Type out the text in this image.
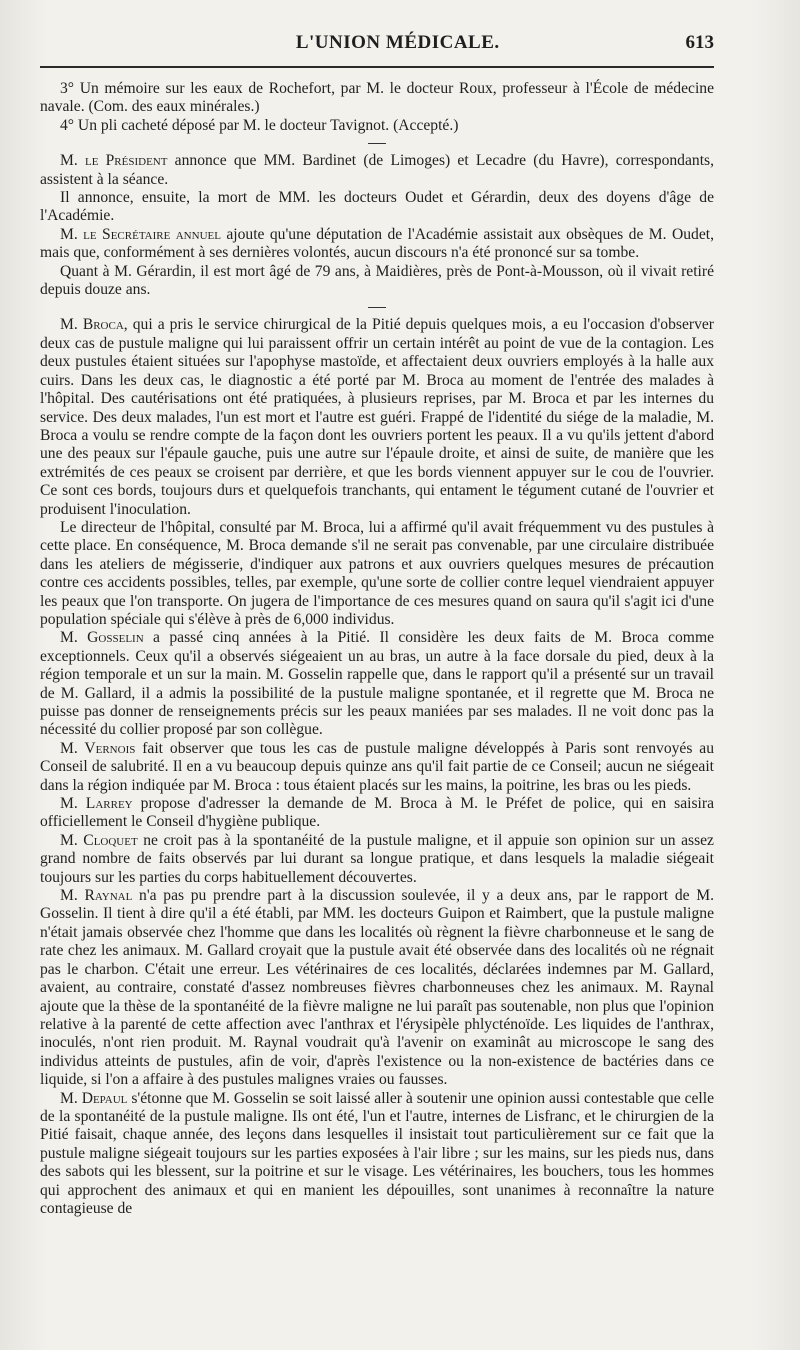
L'UNION MÉDICALE.	613

3° Un mémoire sur les eaux de Rochefort, par M. le docteur Roux, professeur à l'École de médecine navale. (Com. des eaux minérales.)

4° Un pli cacheté déposé par M. le docteur Tavignot. (Accepté.)

M. le Président annonce que MM. Bardinet (de Limoges) et Lecadre (du Havre), correspondants, assistent à la séance.

Il annonce, ensuite, la mort de MM. les docteurs Oudet et Gérardin, deux des doyens d'âge de l'Académie.

M. le Secrétaire annuel ajoute qu'une députation de l'Académie assistait aux obsèques de M. Oudet, mais que, conformément à ses dernières volontés, aucun discours n'a été prononcé sur sa tombe.

Quant à M. Gérardin, il est mort âgé de 79 ans, à Maidières, près de Pont-à-Mousson, où il vivait retiré depuis douze ans.

M. Broca, qui a pris le service chirurgical de la Pitié depuis quelques mois, a eu l'occasion d'observer deux cas de pustule maligne qui lui paraissent offrir un certain intérêt au point de vue de la contagion. Les deux pustules étaient situées sur l'apophyse mastoïde, et affectaient deux ouvriers employés à la halle aux cuirs. Dans les deux cas, le diagnostic a été porté par M. Broca au moment de l'entrée des malades à l'hôpital. Des cautérisations ont été pratiquées, à plusieurs reprises, par M. Broca et par les internes du service. Des deux malades, l'un est mort et l'autre est guéri. Frappé de l'identité du siége de la maladie, M. Broca a voulu se rendre compte de la façon dont les ouvriers portent les peaux. Il a vu qu'ils jettent d'abord une des peaux sur l'épaule gauche, puis une autre sur l'épaule droite, et ainsi de suite, de manière que les extrémités de ces peaux se croisent par derrière, et que les bords viennent appuyer sur le cou de l'ouvrier. Ce sont ces bords, toujours durs et quelquefois tranchants, qui entament le tégument cutané de l'ouvrier et produisent l'inoculation.

Le directeur de l'hôpital, consulté par M. Broca, lui a affirmé qu'il avait fréquemment vu des pustules à cette place. En conséquence, M. Broca demande s'il ne serait pas convenable, par une circulaire distribuée dans les ateliers de mégisserie, d'indiquer aux patrons et aux ouvriers quelques mesures de précaution contre ces accidents possibles, telles, par exemple, qu'une sorte de collier contre lequel viendraient appuyer les peaux que l'on transporte. On jugera de l'importance de ces mesures quand on saura qu'il s'agit ici d'une population spéciale qui s'élève à près de 6,000 individus.

M. Gosselin a passé cinq années à la Pitié. Il considère les deux faits de M. Broca comme exceptionnels. Ceux qu'il a observés siégeaient un au bras, un autre à la face dorsale du pied, deux à la région temporale et un sur la main. M. Gosselin rappelle que, dans le rapport qu'il a présenté sur un travail de M. Gallard, il a admis la possibilité de la pustule maligne spontanée, et il regrette que M. Broca ne puisse pas donner de renseignements précis sur les peaux maniées par ses malades. Il ne voit donc pas la nécessité du collier proposé par son collègue.

M. Vernois fait observer que tous les cas de pustule maligne développés à Paris sont renvoyés au Conseil de salubrité. Il en a vu beaucoup depuis quinze ans qu'il fait partie de ce Conseil; aucun ne siégeait dans la région indiquée par M. Broca : tous étaient placés sur les mains, la poitrine, les bras ou les pieds.

M. Larrey propose d'adresser la demande de M. Broca à M. le Préfet de police, qui en saisira officiellement le Conseil d'hygiène publique.

M. Cloquet ne croit pas à la spontanéité de la pustule maligne, et il appuie son opinion sur un assez grand nombre de faits observés par lui durant sa longue pratique, et dans lesquels la maladie siégeait toujours sur les parties du corps habituellement découvertes.

M. Raynal n'a pas pu prendre part à la discussion soulevée, il y a deux ans, par le rapport de M. Gosselin. Il tient à dire qu'il a été établi, par MM. les docteurs Guipon et Raimbert, que la pustule maligne n'était jamais observée chez l'homme que dans les localités où règnent la fièvre charbonneuse et le sang de rate chez les animaux. M. Gallard croyait que la pustule avait été observée dans des localités où ne régnait pas le charbon. C'était une erreur. Les vétérinaires de ces localités, déclarées indemnes par M. Gallard, avaient, au contraire, constaté d'assez nombreuses fièvres charbonneuses chez les animaux. M. Raynal ajoute que la thèse de la spontanéité de la fièvre maligne ne lui paraît pas soutenable, non plus que l'opinion relative à la parenté de cette affection avec l'anthrax et l'érysipèle phlycténoïde. Les liquides de l'anthrax, inoculés, n'ont rien produit. M. Raynal voudrait qu'à l'avenir on examinât au microscope le sang des individus atteints de pustules, afin de voir, d'après l'existence ou la non-existence de bactéries dans ce liquide, si l'on a affaire à des pustules malignes vraies ou fausses.

M. Depaul s'étonne que M. Gosselin se soit laissé aller à soutenir une opinion aussi contestable que celle de la spontanéité de la pustule maligne. Ils ont été, l'un et l'autre, internes de Lisfranc, et le chirurgien de la Pitié faisait, chaque année, des leçons dans lesquelles il insistait tout particulièrement sur ce fait que la pustule maligne siégeait toujours sur les parties exposées à l'air libre ; sur les mains, sur les pieds nus, dans des sabots qui les blessent, sur la poitrine et sur le visage. Les vétérinaires, les bouchers, tous les hommes qui approchent des animaux et qui en manient les dépouilles, sont unanimes à reconnaître la nature contagieuse de
